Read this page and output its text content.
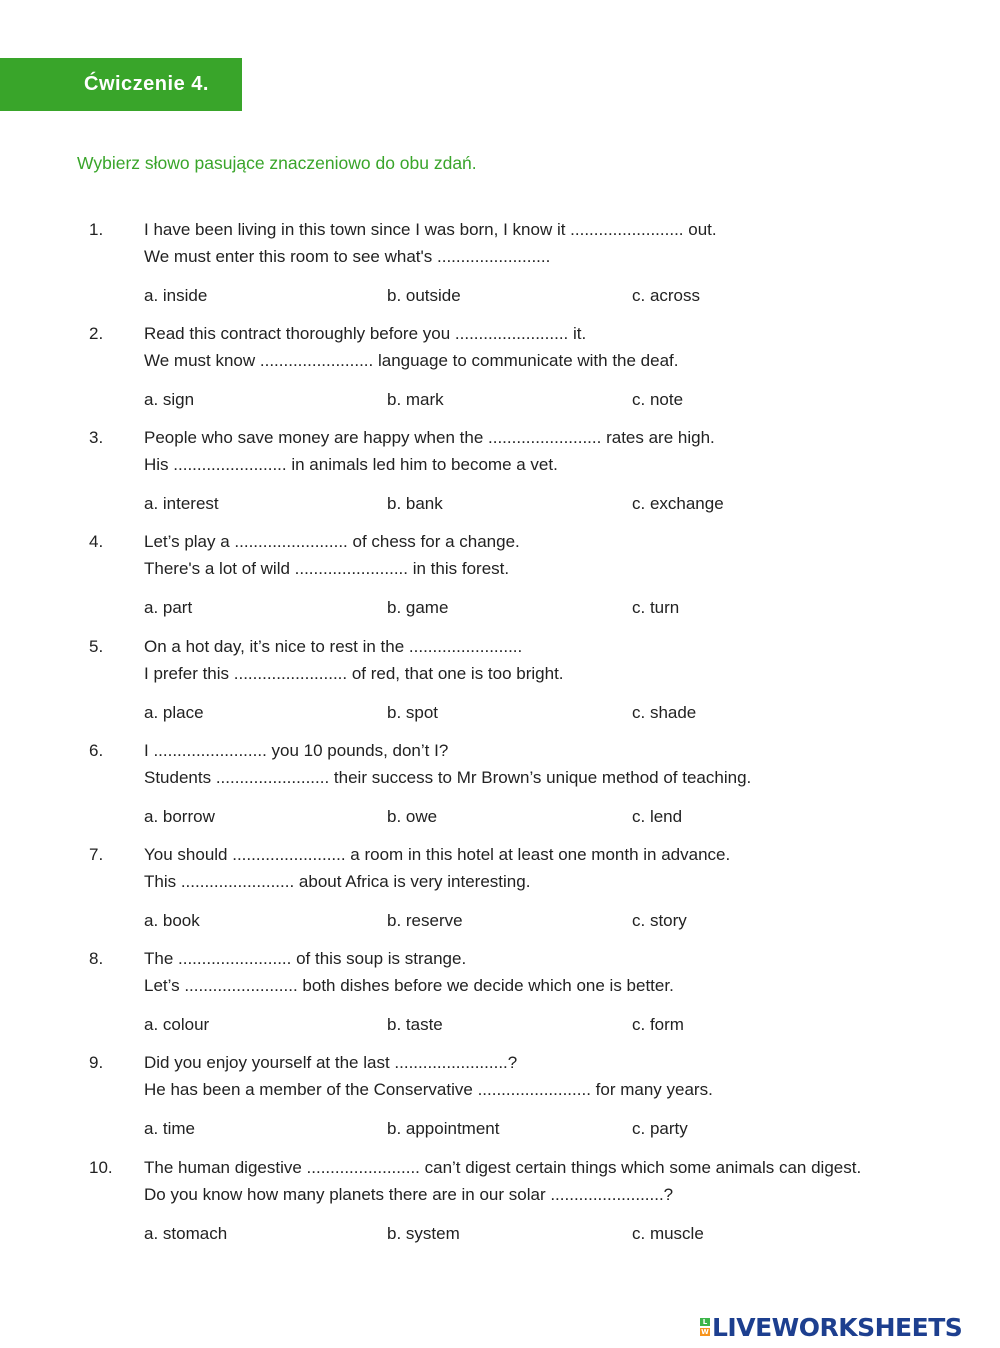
Ćwiczenie 4.
Wybierz słowo pasujące znaczeniowo do obu zdań.
1. I have been living in this town since I was born, I know it ........................ out.
We must enter this room to see what's ........................
a. inside	b. outside	c. across
2. Read this contract thoroughly before you ........................ it.
We must know ........................ language to communicate with the deaf.
a. sign	b. mark	c. note
3. People who save money are happy when the ........................ rates are high.
His ........................ in animals led him to become a vet.
a. interest	b. bank	c. exchange
4. Let’s play a ........................ of chess for a change.
There's a lot of wild ........................ in this forest.
a. part	b. game	c. turn
5. On a hot day, it’s nice to rest in the ........................
I prefer this ........................ of red, that one is too bright.
a. place	b. spot	c. shade
6. I ........................ you 10 pounds, don’t I?
Students ........................ their success to Mr Brown’s unique method of teaching.
a. borrow	b. owe	c. lend
7. You should ........................ a room in this hotel at least one month in advance.
This ........................ about Africa is very interesting.
a. book	b. reserve	c. story
8. The ........................ of this soup is strange.
Let’s ........................ both dishes before we decide which one is better.
a. colour	b. taste	c. form
9. Did you enjoy yourself at the last ........................?
He has been a member of the Conservative ........................ for many years.
a. time	b. appointment	c. party
10. The human digestive ........................ can’t digest certain things which some animals can digest.
Do you know how many planets there are in our solar ........................?
a. stomach	b. system	c. muscle
L
W LIVEWORKSHEETS
